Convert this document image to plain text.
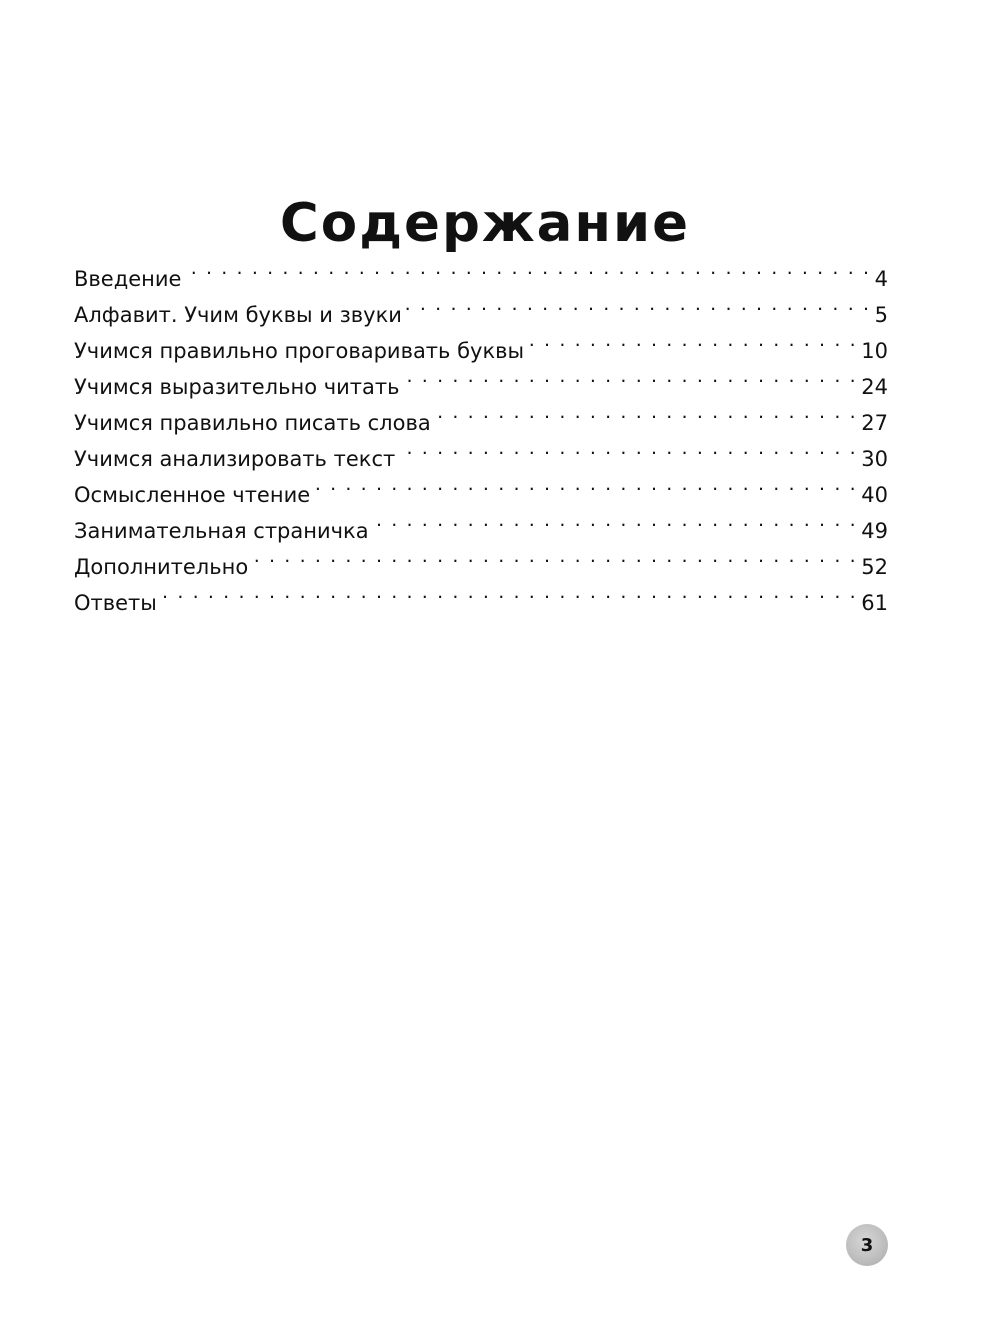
Содержание
Введение . . .	4
Алфавит. Учим буквы и звуки . . .	5
Учимся правильно проговаривать буквы . . .	10
Учимся выразительно читать . . .	24
Учимся правильно писать слова . . .	27
Учимся анализировать текст . . .	30
Осмысленное чтение . . .	40
Занимательная страничка . . .	49
Дополнительно . . .	52
Ответы . . .	61
3
